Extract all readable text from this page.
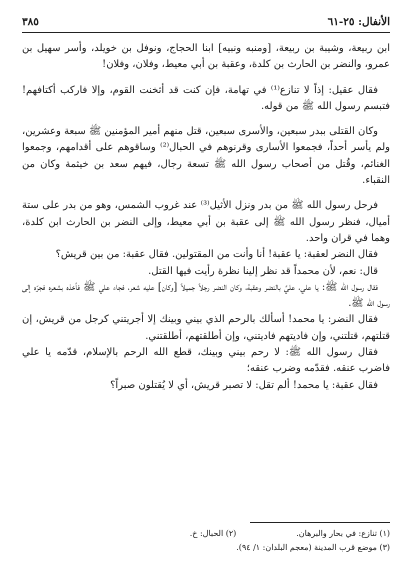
٣٨٥	الأنفال: ٢٥-٦١

ابن ربيعة، وشيبة بن ربيعة، [ومنبه ونبيه] ابنا الحجاج، ونوفل بن خويلد، وأسر سهيل بن عمرو، والنضر بن الحارث بن كلدة، وعقبة بن أبي معيط، وفلان، وفلان!

فقال عقيل: إذاً لا تنازع⁽¹⁾ في تهامة، فإن كنت قد أثخنت القوم، وإلا فاركب أكتافهم! فتبسم رسول الله ﷺ من قوله.

وكان القتلى ببدر سبعين، والأسرى سبعين، قتل منهم أمير المؤمنين ﷺ سبعة وعشرين، ولم يأسر أحداً، فجمعوا الأسارى وقرنوهم في الحبال⁽²⁾ وساقوهم على أقدامهم، وجمعوا الغنائم، وقُتل من أصحاب رسول الله ﷺ تسعة رجال، فيهم سعد بن خيثمة وكان من النقباء.

فرحل رسول الله ﷺ من بدر ونزل الأثيل⁽³⁾ عند غروب الشمس، وهو من بدر على ستة أميال، فنظر رسول الله ﷺ إلى عقبة بن أبي معيط، وإلى النضر بن الحارث ابن كلدة، وهما في قران واحد.

فقال النضر لعقبة: يا عقبة! أنا وأنت من المقتولين. فقال عقبة: من بين قريش؟

قال: نعم، لأن محمداً قد نظر إلينا نظرة رأيت فيها القتل.

فقال رسول الله ﷺ: يا علي، عليَّ بالنضر وعقبة، وكان النضر رجلاً جميلاً [وكان] عليه شعر، فجاء علي ﷺ فأخذه بشعره فجرّه إلى رسول الله ﷺ.

فقال النضر: يا محمد! أسألك بالرحم الذي بيني وبينك إلا أجريتني كرجل من قريش، إن قتلتهم، قتلتني، وإن فاديتهم فاديتني، وإن أطلقتهم، أطلقتني.

فقال رسول الله ﷺ: لا رحم بيني وبينك، قطع الله الرحم بالإسلام، قدّمه يا علي فاضرب عنقه. فقدّمه وضرب عنقه؛

فقال عقبة: يا محمد! ألم تقل: لا تصبر قريش، أي لا يُقتلون صبراً؟

(١) تنازع: في بحار والبرهان.
(٢) الحبال: خ.
(٣) موضع قرب المدينة (معجم البلدان: ١/ ٩٤).
